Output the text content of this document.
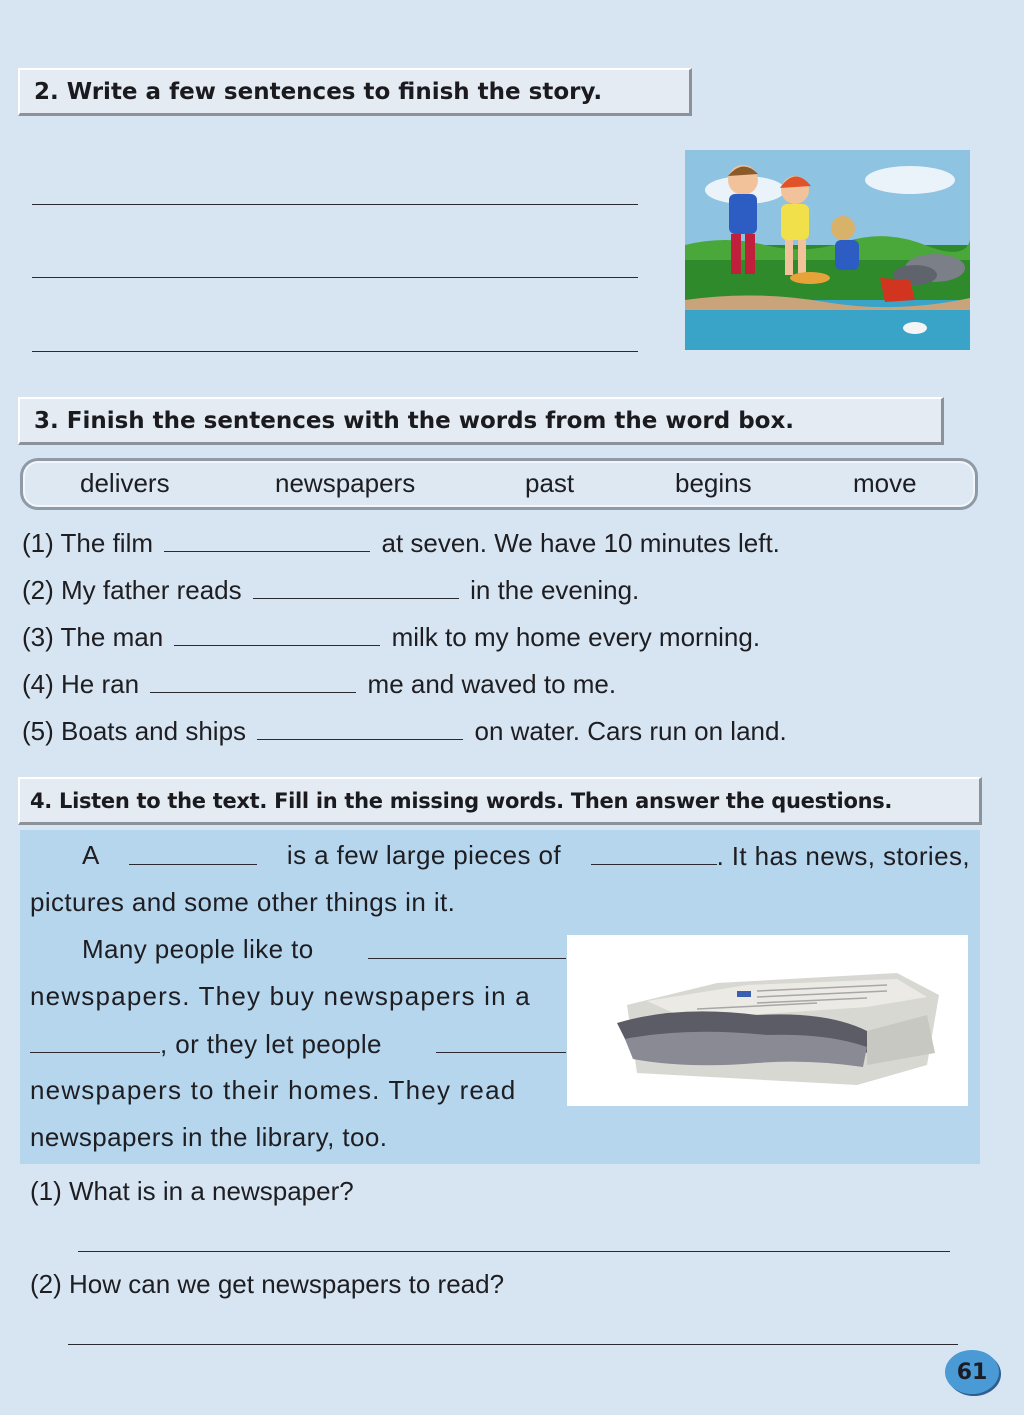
2. Write a few sentences to finish the story.
3. Finish the sentences with the words from the word box.
delivers	newspapers	past	begins	move
(1) The film	at seven. We have 10 minutes left.
(2) My father reads	in the evening.
(3) The man	milk to my home every morning.
(4) He ran	me and waved to me.
(5) Boats and ships	on water. Cars run on land.
4. Listen to the text. Fill in the missing words. Then answer the questions.
A	is a few large pieces of	. It has news, stories,
pictures and some other things in it.
Many people like to
newspapers. They buy newspapers in a
, or they let people
newspapers to their homes. They read
newspapers in the library, too.
(1) What is in a newspaper?
(2) How can we get newspapers to read?
61
